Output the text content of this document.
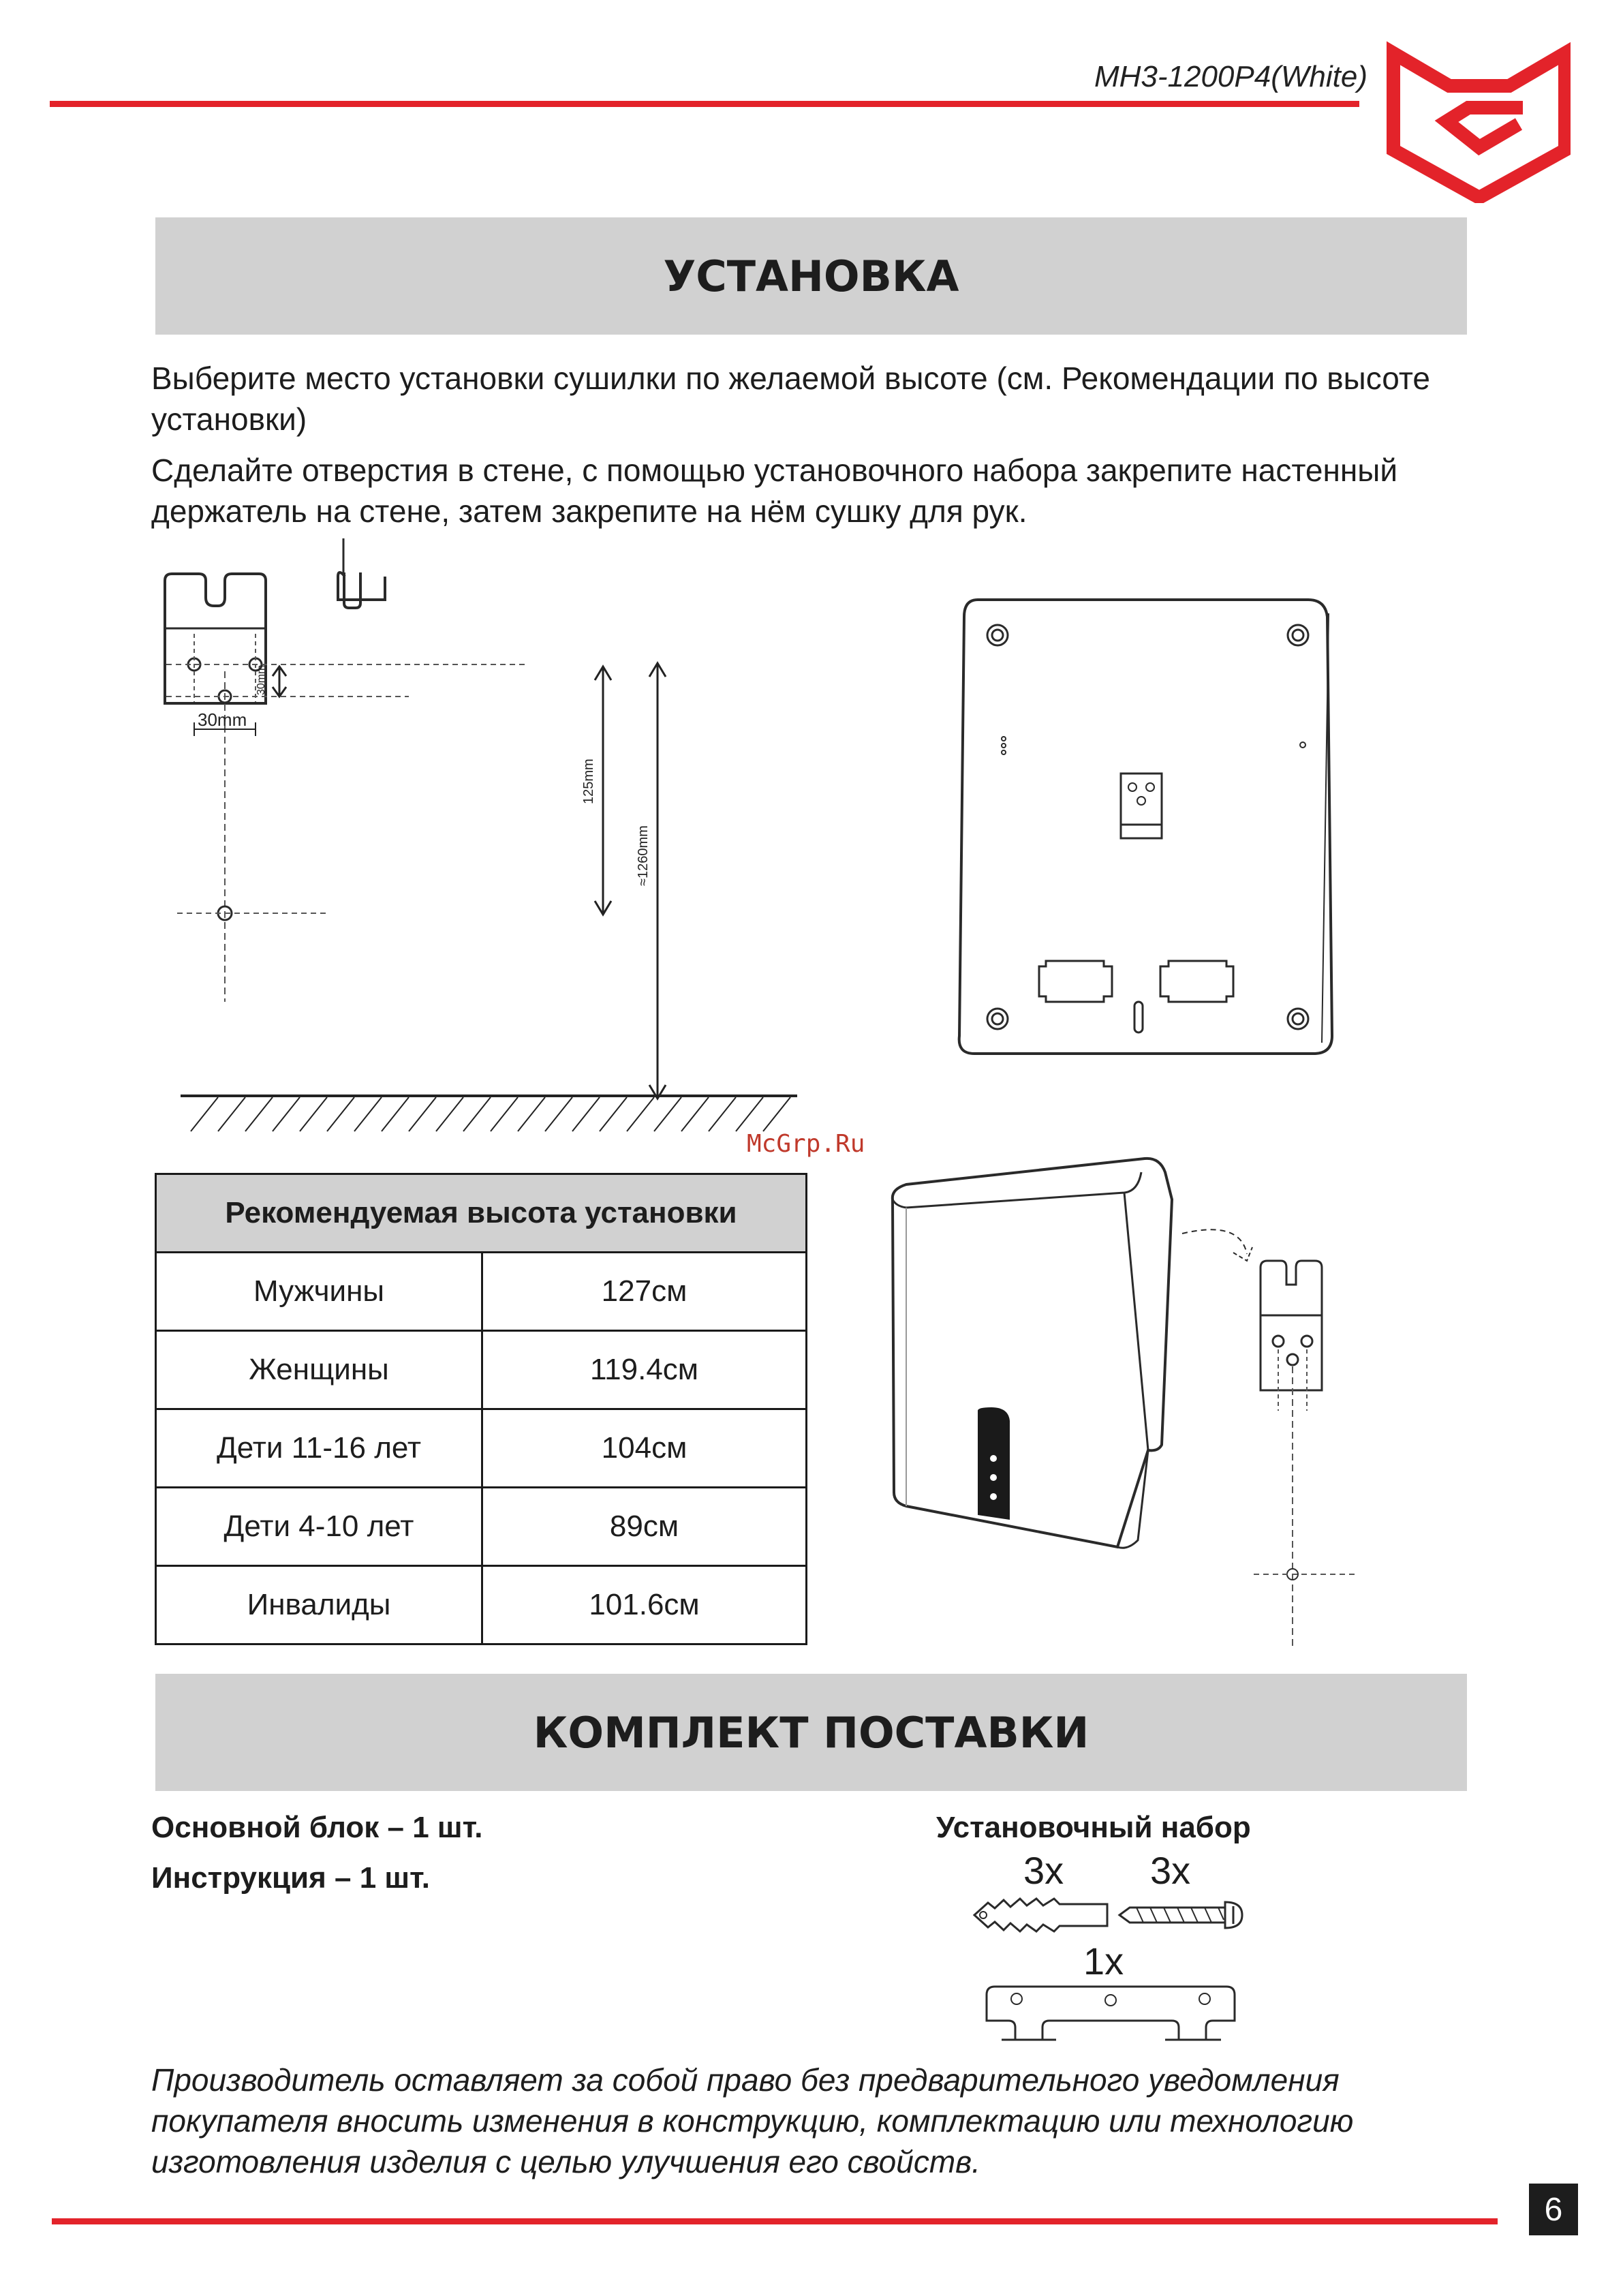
MH3-1200P4(White)
УСТАНОВКА
Выберите место установки сушилки по желаемой высоте (см. Рекомендации по высоте установки)
Сделайте отверстия в стене, с помощью установочного набора закрепите настенный держатель на стене, затем закрепите на нём сушку для рук.
30mm
30mm
125mm
≈1260mm
McGrp.Ru
Рекомендуемая высота установки	
Мужчины	127см
Женщины	119.4см
Дети 11-16 лет	104см
Дети 4-10 лет	89см
Инвалиды	101.6см
КОМПЛЕКТ ПОСТАВКИ
Основной блок – 1 шт.
Инструкция – 1 шт.
Установочный набор
3x 3x
1x
Производитель оставляет за собой право без предварительного уведомления покупателя вносить изменения в конструкцию, комплектацию или технологию изготовления изделия с целью улучшения его свойств.
6
